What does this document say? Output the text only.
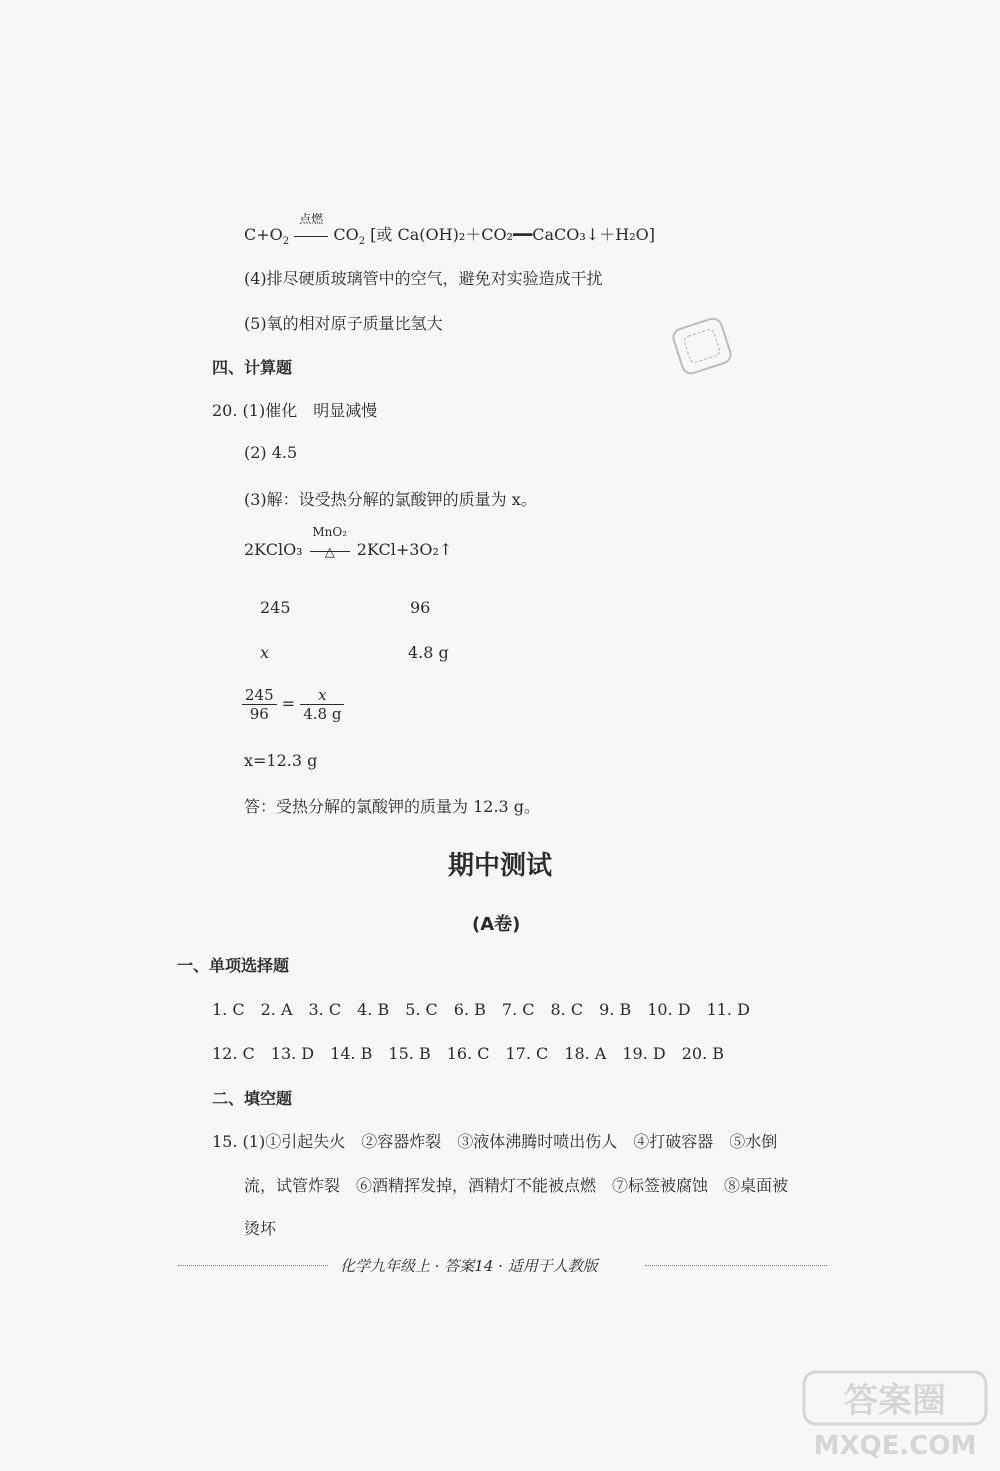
$C+O_2$
点燃
$CO_2$ [或 Ca(OH)₂＋CO₂━━CaCO₃↓＋H₂O]
(4)排尽硬质玻璃管中的空气，避免对实验造成干扰
(5)氧的相对原子质量比氢大
四、计算题
20. (1)催化　明显减慢
(2) 4.5
(3)解：设受热分解的氯酸钾的质量为 x。
2KClO₃
MnO₂
△	2KCl+3O₂↑
245	96
x	4.8 g
$\frac{245}{96} = \frac{x}{4.8 g}$
x=12.3 g
答：受热分解的氯酸钾的质量为 12.3 g。
期中测试
(A卷)
一、单项选择题
1. C　2. A　3. C　4. B　5. C　6. B　7. C　8. C　9. B　10. D　11. D
12. C　13. D　14. B　15. B　16. C　17. C　18. A　19. D　20. B
二、填空题
15. (1)①引起失火　②容器炸裂　③液体沸腾时喷出伤人　④打破容器　⑤水倒
流，试管炸裂　⑥酒精挥发掉，酒精灯不能被点燃　⑦标签被腐蚀　⑧桌面被
烫坏
化学九年级上 · 答案14 · 适用于人教版
答案圈
MXQE.COM
